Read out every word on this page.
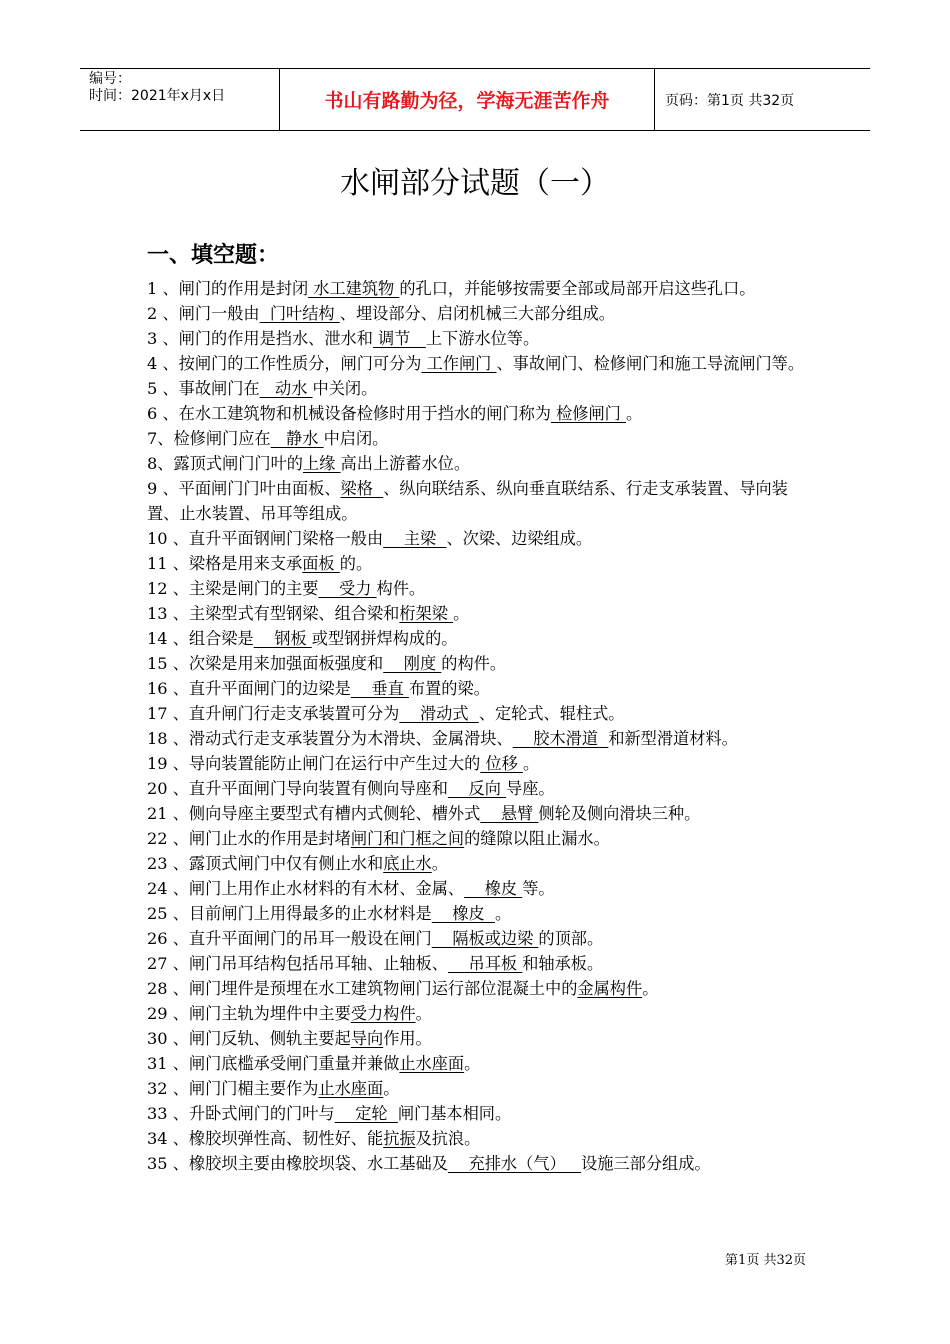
编号：
时间：2021年x月x日	书山有路勤为径，学海无涯苦作舟	页码：第1页 共32页
水闸部分试题（一）
一、填空题：

1 、闸门的作用是封闭 水工建筑物 的孔口，并能够按需要全部或局部开启这些孔口。

2 、闸门一般由  门叶结构 、埋设部分、启闭机械三大部分组成。

3 、闸门的作用是挡水、泄水和 调节   上下游水位等。

4 、按闸门的工作性质分，闸门可分为 工作闸门 、事故闸门、检修闸门和施工导流闸门等。

5 、事故闸门在   动水 中关闭。

6 、在水工建筑物和机械设备检修时用于挡水的闸门称为 检修闸门 。

7、检修闸门应在   静水 中启闭。

8、露顶式闸门门叶的上缘 高出上游蓄水位。

9 、平面闸门门叶由面板、梁格  、纵向联结系、纵向垂直联结系、行走支承装置、导向装置、止水装置、吊耳等组成。

10 、直升平面钢闸门梁格一般由    主梁  、次梁、边梁组成。

11 、梁格是用来支承面板 的。

12 、主梁是闸门的主要    受力 构件。

13 、主梁型式有型钢梁、组合梁和桁架梁 。

14 、组合梁是    钢板 或型钢拼焊构成的。

15 、次梁是用来加强面板强度和    刚度 的构件。

16 、直升平面闸门的边梁是    垂直 布置的梁。

17 、直升闸门行走支承装置可分为    滑动式  、定轮式、辊柱式。

18 、滑动式行走支承装置分为木滑块、金属滑块、    胶木滑道  和新型滑道材料。

19 、导向装置能防止闸门在运行中产生过大的 位移 。

20 、直升平面闸门导向装置有侧向导座和    反向 导座。

21 、侧向导座主要型式有槽内式侧轮、槽外式    悬臂 侧轮及侧向滑块三种。

22 、闸门止水的作用是封堵闸门和门框之间的缝隙以阻止漏水。

23 、露顶式闸门中仅有侧止水和底止水。

24 、闸门上用作止水材料的有木材、金属、    橡皮 等。

25 、目前闸门上用得最多的止水材料是    橡皮  。

26 、直升平面闸门的吊耳一般设在闸门    隔板或边梁 的顶部。

27 、闸门吊耳结构包括吊耳轴、止轴板、    吊耳板 和轴承板。

28 、闸门埋件是预埋在水工建筑物闸门运行部位混凝土中的金属构件。

29 、闸门主轨为埋件中主要受力构件。

30 、闸门反轨、侧轨主要起导向作用。

31 、闸门底槛承受闸门重量并兼做止水座面。

32 、闸门门楣主要作为止水座面。

33 、升卧式闸门的门叶与    定轮  闸门基本相同。

34 、橡胶坝弹性高、韧性好、能抗振及抗浪。

35 、橡胶坝主要由橡胶坝袋、水工基础及    充排水（气）   设施三部分组成。

第1页 共32页
